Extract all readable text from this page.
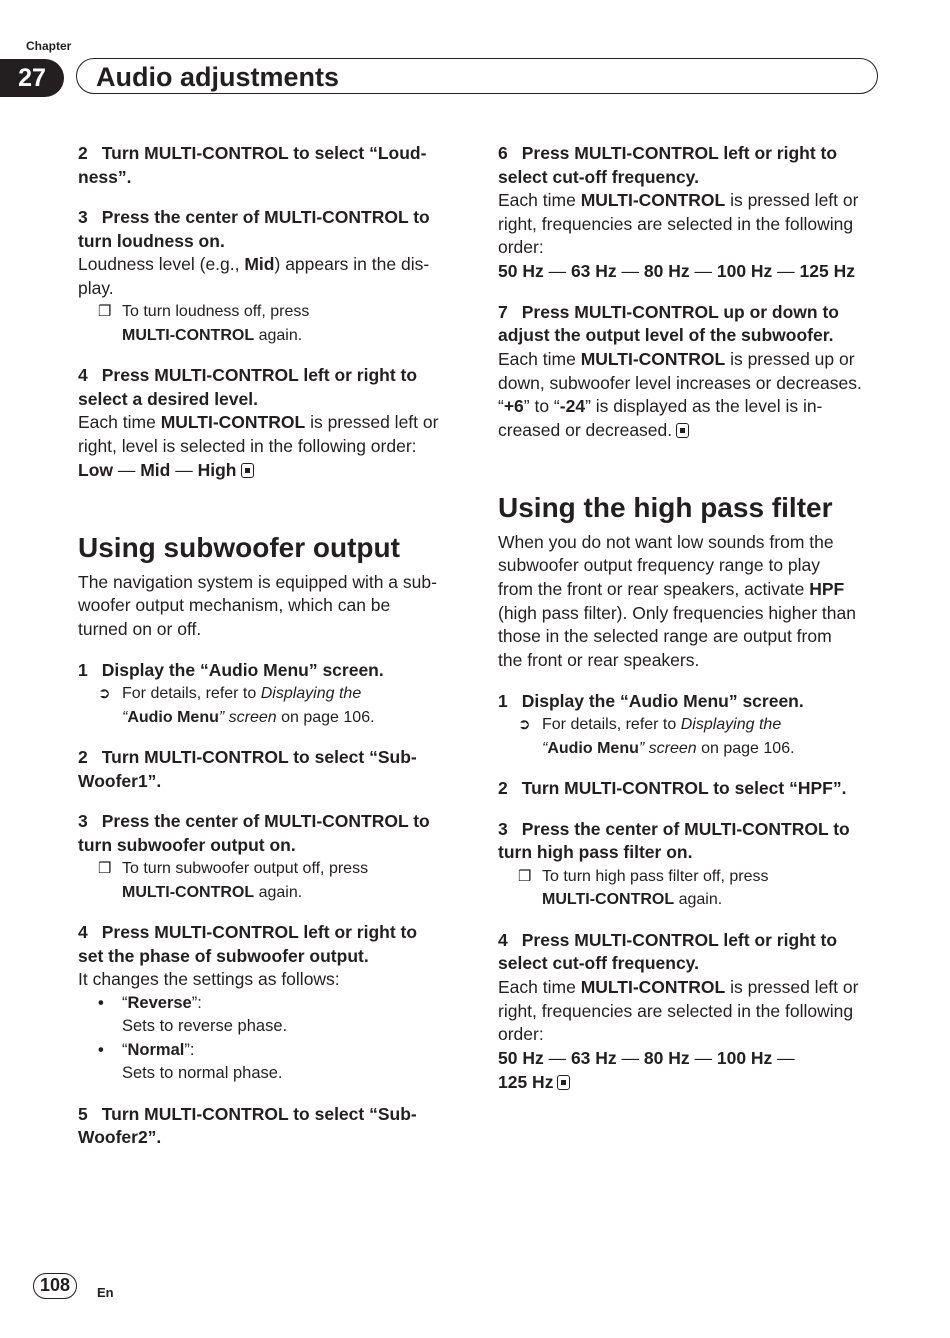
Chapter
27	Audio adjustments

2 Turn MULTI-CONTROL to select “Loud-
ness”.

3 Press the center of MULTI-CONTROL to
turn loudness on.

Loudness level (e.g., Mid) appears in the dis-
play.

❒ To turn loudness off, press
MULTI-CONTROL again.

4 Press MULTI-CONTROL left or right to
select a desired level.

Each time MULTI-CONTROL is pressed left or
right, level is selected in the following order:
Low — Mid — High

Using subwoofer output

The navigation system is equipped with a sub-
woofer output mechanism, which can be
turned on or off.

1 Display the “Audio Menu” screen.

➲ For details, refer to Displaying the
“Audio Menu” screen on page 106.

2 Turn MULTI-CONTROL to select “Sub-
Woofer1”.

3 Press the center of MULTI-CONTROL to
turn subwoofer output on.

❒ To turn subwoofer output off, press
MULTI-CONTROL again.

4 Press MULTI-CONTROL left or right to
set the phase of subwoofer output.

It changes the settings as follows:

• “Reverse”:
Sets to reverse phase.
• “Normal”:
Sets to normal phase.

5 Turn MULTI-CONTROL to select “Sub-
Woofer2”.

6 Press MULTI-CONTROL left or right to
select cut-off frequency.

Each time MULTI-CONTROL is pressed left or
right, frequencies are selected in the following
order:
50 Hz — 63 Hz — 80 Hz — 100 Hz — 125 Hz

7 Press MULTI-CONTROL up or down to
adjust the output level of the subwoofer.

Each time MULTI-CONTROL is pressed up or
down, subwoofer level increases or decreases.
“+6” to “-24” is displayed as the level is in-
creased or decreased.

Using the high pass filter

When you do not want low sounds from the
subwoofer output frequency range to play
from the front or rear speakers, activate HPF
(high pass filter). Only frequencies higher than
those in the selected range are output from
the front or rear speakers.

1 Display the “Audio Menu” screen.

➲ For details, refer to Displaying the
“Audio Menu” screen on page 106.

2 Turn MULTI-CONTROL to select “HPF”.

3 Press the center of MULTI-CONTROL to
turn high pass filter on.

❒ To turn high pass filter off, press
MULTI-CONTROL again.

4 Press MULTI-CONTROL left or right to
select cut-off frequency.

Each time MULTI-CONTROL is pressed left or
right, frequencies are selected in the following
order:
50 Hz — 63 Hz — 80 Hz — 100 Hz —
125 Hz

108	En
